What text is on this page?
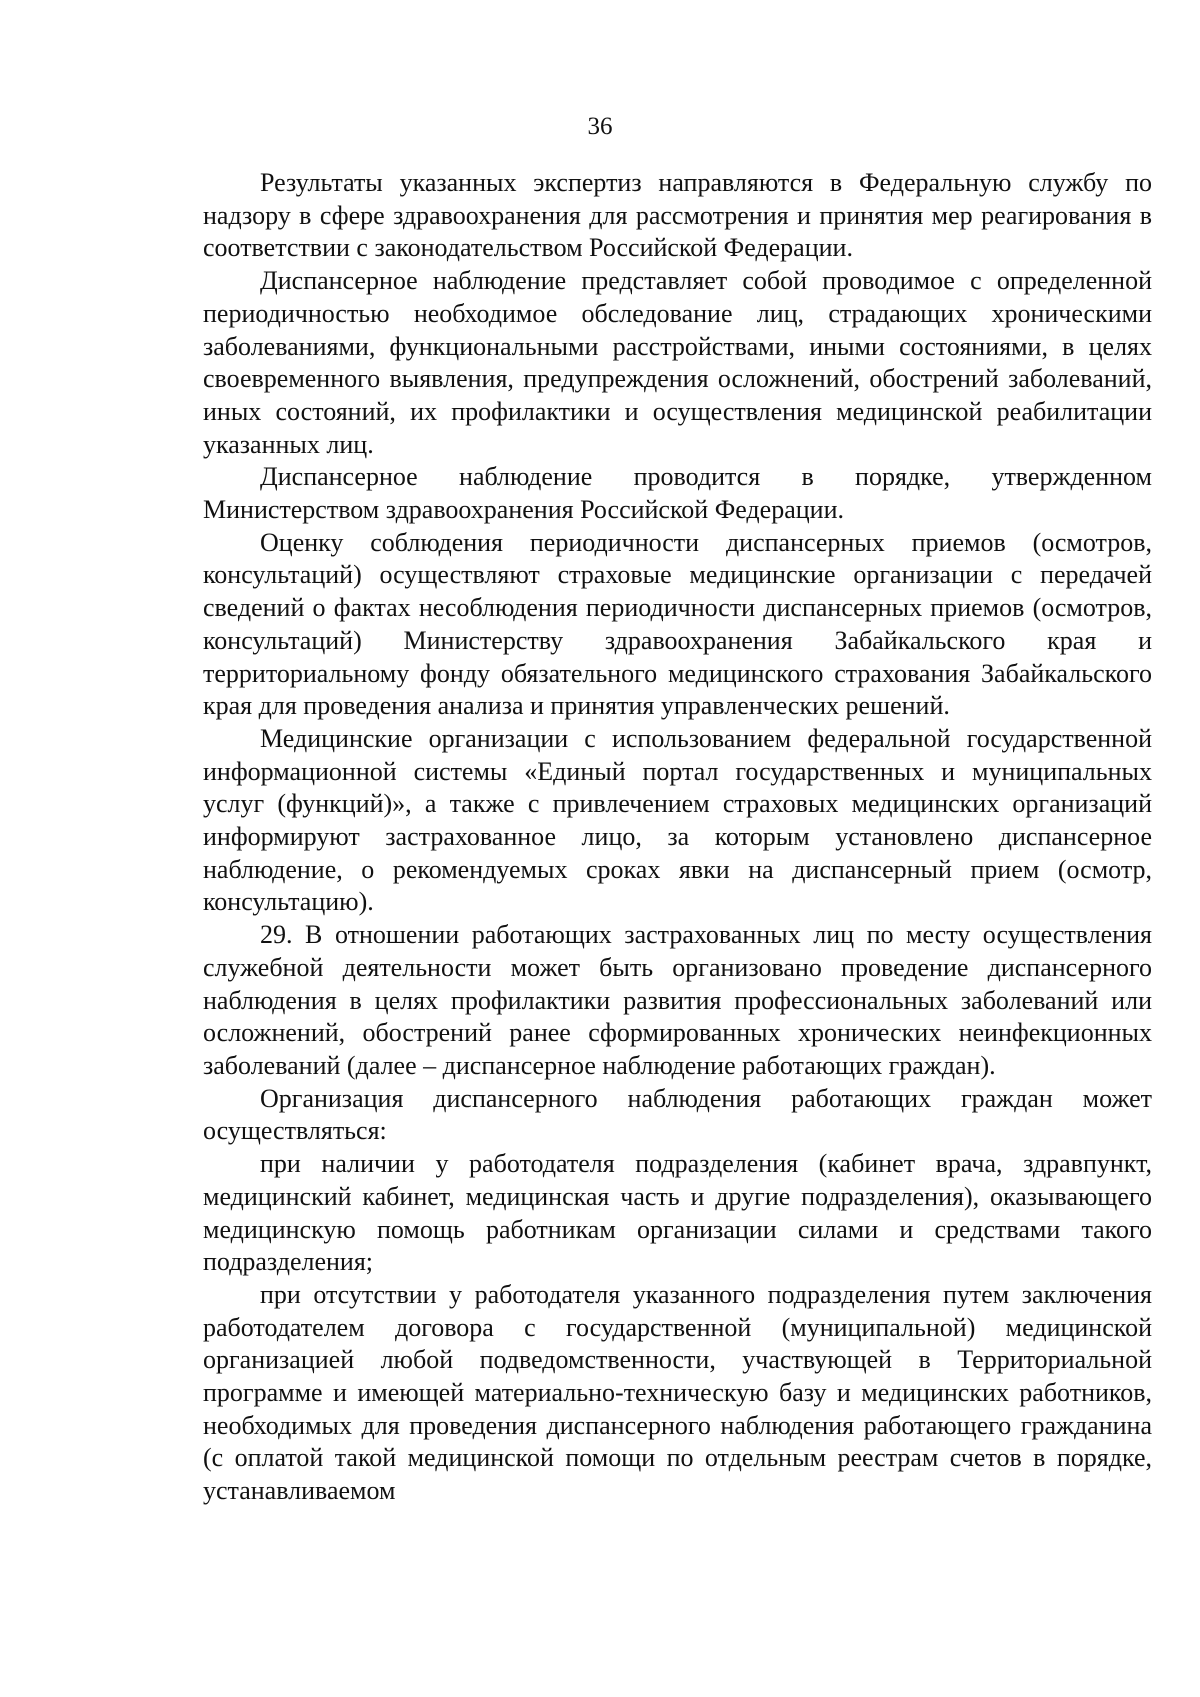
36

Результаты указанных экспертиз направляются в Федеральную службу по надзору в сфере здравоохранения для рассмотрения и принятия мер реагирования в соответствии с законодательством Российской Федерации.

Диспансерное наблюдение представляет собой проводимое с определенной периодичностью необходимое обследование лиц, страдающих хроническими заболеваниями, функциональными расстройствами, иными состояниями, в целях своевременного выявления, предупреждения осложнений, обострений заболеваний, иных состояний, их профилактики и осуществления медицинской реабилитации указанных лиц.

Диспансерное наблюдение проводится в порядке, утвержденном Министерством здравоохранения Российской Федерации.

Оценку соблюдения периодичности диспансерных приемов (осмотров, консультаций) осуществляют страховые медицинские организации с передачей сведений о фактах несоблюдения периодичности диспансерных приемов (осмотров, консультаций) Министерству здравоохранения Забайкальского края и территориальному фонду обязательного медицинского страхования Забайкальского края для проведения анализа и принятия управленческих решений.

Медицинские организации с использованием федеральной государственной информационной системы «Единый портал государственных и муниципальных услуг (функций)», а также с привлечением страховых медицинских организаций информируют застрахованное лицо, за которым установлено диспансерное наблюдение, о рекомендуемых сроках явки на диспансерный прием (осмотр, консультацию).

29. В отношении работающих застрахованных лиц по месту осуществления служебной деятельности может быть организовано проведение диспансерного наблюдения в целях профилактики развития профессиональных заболеваний или осложнений, обострений ранее сформированных хронических неинфекционных заболеваний (далее – диспансерное наблюдение работающих граждан).

Организация диспансерного наблюдения работающих граждан может осуществляться:

при наличии у работодателя подразделения (кабинет врача, здравпункт, медицинский кабинет, медицинская часть и другие подразделения), оказывающего медицинскую помощь работникам организации силами и средствами такого подразделения;

при отсутствии у работодателя указанного подразделения путем заключения работодателем договора с государственной (муниципальной) медицинской организацией любой подведомственности, участвующей в Территориальной программе и имеющей материально-техническую базу и медицинских работников, необходимых для проведения диспансерного наблюдения работающего гражданина (с оплатой такой медицинской помощи по отдельным реестрам счетов в порядке, устанавливаемом
